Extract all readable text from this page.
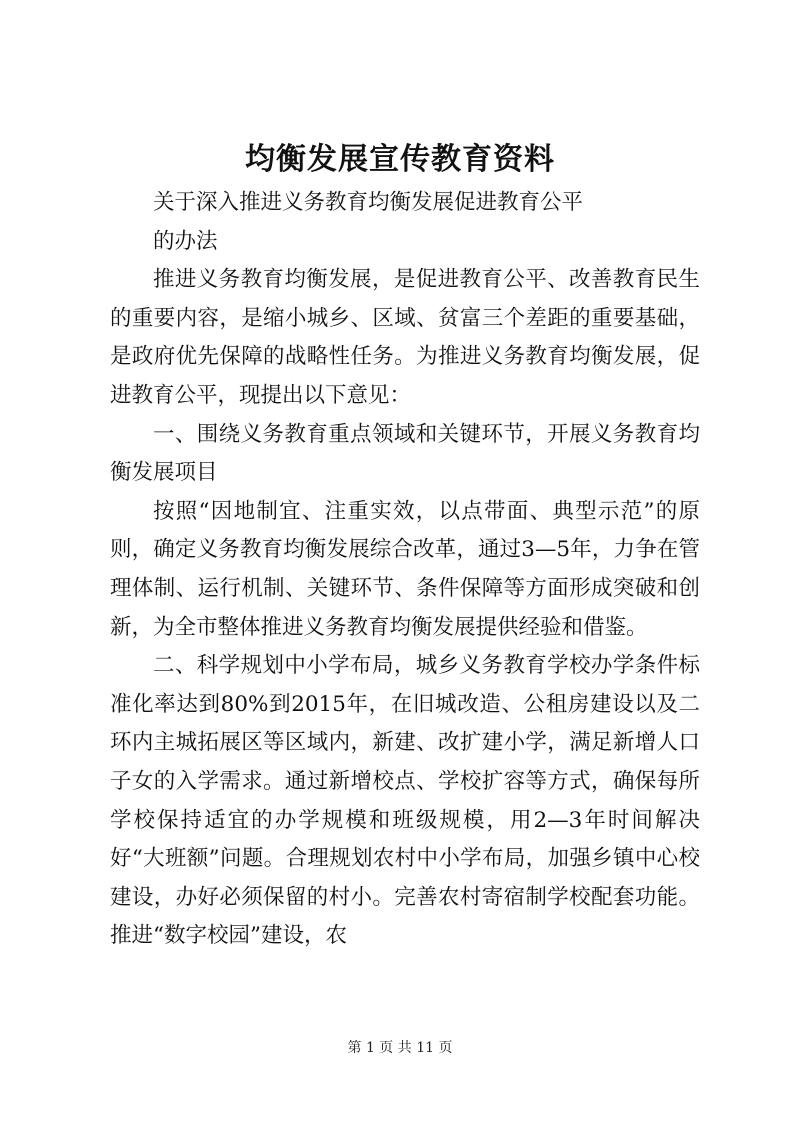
均衡发展宣传教育资料

关于深入推进义务教育均衡发展促进教育公平

的办法

推进义务教育均衡发展，是促进教育公平、改善教育民生的重要内容，是缩小城乡、区域、贫富三个差距的重要基础，是政府优先保障的战略性任务。为推进义务教育均衡发展，促进教育公平，现提出以下意见：

一、围绕义务教育重点领域和关键环节，开展义务教育均衡发展项目

按照“因地制宜、注重实效，以点带面、典型示范”的原则，确定义务教育均衡发展综合改革，通过3—5年，力争在管理体制、运行机制、关键环节、条件保障等方面形成突破和创新，为全市整体推进义务教育均衡发展提供经验和借鉴。

二、科学规划中小学布局，城乡义务教育学校办学条件标准化率达到80%到2015年，在旧城改造、公租房建设以及二环内主城拓展区等区域内，新建、改扩建小学，满足新增人口子女的入学需求。通过新增校点、学校扩容等方式，确保每所学校保持适宜的办学规模和班级规模，用2—3年时间解决好“大班额”问题。合理规划农村中小学布局，加强乡镇中心校建设，办好必须保留的村小。完善农村寄宿制学校配套功能。推进“数字校园”建设，农

第 1 页 共 11 页
